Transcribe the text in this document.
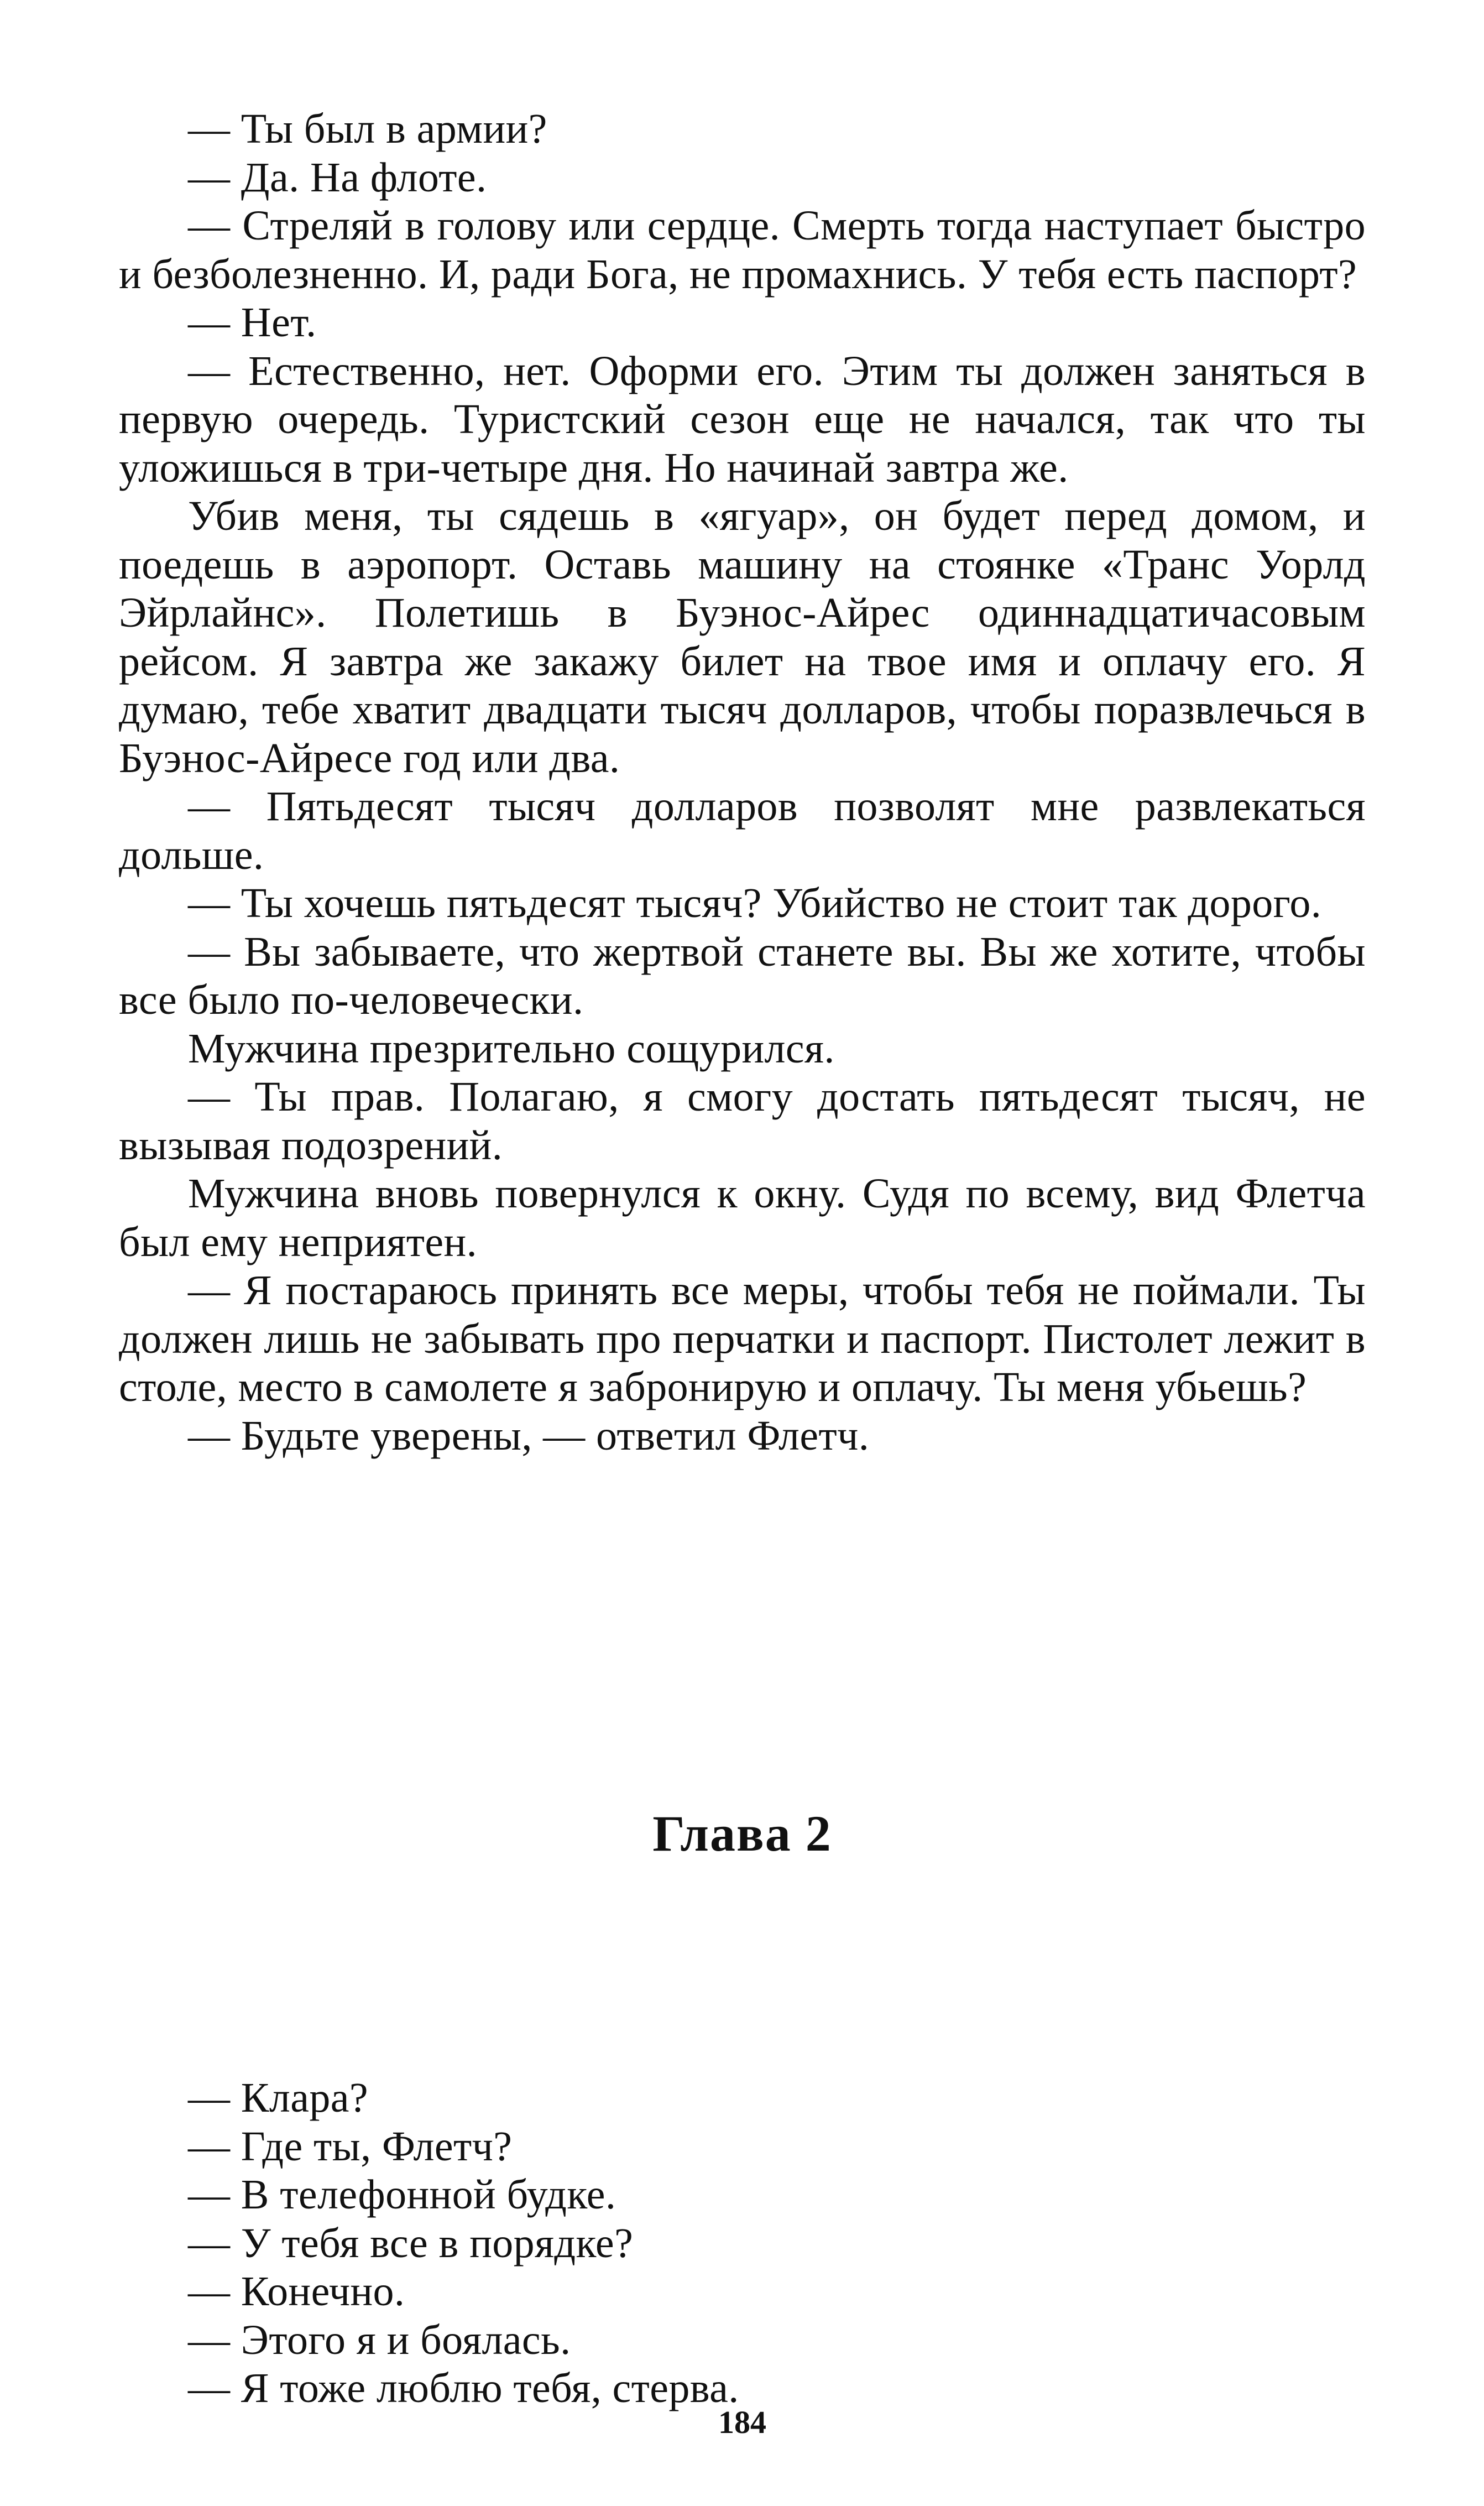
— Ты был в армии?

— Да. На флоте.

— Стреляй в голову или сердце. Смерть тогда наступает быстро и безболезненно. И, ради Бога, не промахнись. У тебя есть паспорт?

— Нет.

— Естественно, нет. Оформи его. Этим ты должен заняться в первую очередь. Туристский сезон еще не начался, так что ты уложишься в три-четыре дня. Но начинай завтра же.

Убив меня, ты сядешь в «ягуар», он будет перед домом, и поедешь в аэропорт. Оставь машину на стоянке «Транс Уорлд Эйрлайнс». Полетишь в Буэнос-Айрес одиннадцатичасовым рейсом. Я завтра же закажу билет на твое имя и оплачу его. Я думаю, тебе хватит двадцати тысяч долларов, чтобы поразвлечься в Буэнос-Айресе год или два.

— Пятьдесят тысяч долларов позволят мне развлекаться дольше.

— Ты хочешь пятьдесят тысяч? Убийство не стоит так дорого.

— Вы забываете, что жертвой станете вы. Вы же хотите, чтобы все было по-человечески.

Мужчина презрительно сощурился.

— Ты прав. Полагаю, я смогу достать пятьдесят тысяч, не вызывая подозрений.

Мужчина вновь повернулся к окну. Судя по всему, вид Флетча был ему неприятен.

— Я постараюсь принять все меры, чтобы тебя не поймали. Ты должен лишь не забывать про перчатки и паспорт. Пистолет лежит в столе, место в самолете я забронирую и оплачу. Ты меня убьешь?

— Будьте уверены, — ответил Флетч.

Глава 2

— Клара?

— Где ты, Флетч?

— В телефонной будке.

— У тебя все в порядке?

— Конечно.

— Этого я и боялась.

— Я тоже люблю тебя, стерва.

184
